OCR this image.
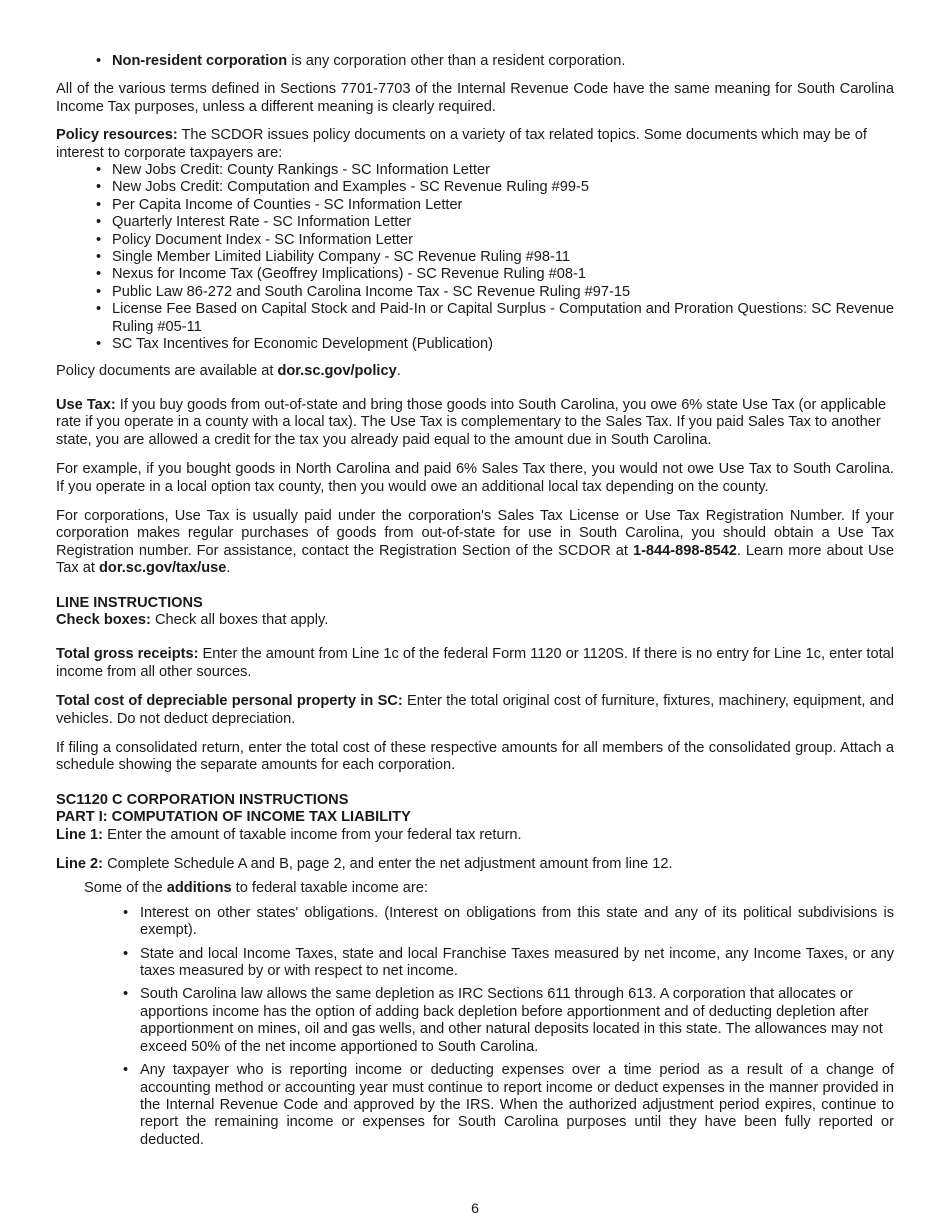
• Non-resident corporation is any corporation other than a resident corporation.

All of the various terms defined in Sections 7701-7703 of the Internal Revenue Code have the same meaning for South Carolina Income Tax purposes, unless a different meaning is clearly required.

Policy resources: The SCDOR issues policy documents on a variety of tax related topics. Some documents which may be of interest to corporate taxpayers are:

• New Jobs Credit: County Rankings - SC Information Letter
• New Jobs Credit: Computation and Examples - SC Revenue Ruling #99-5
• Per Capita Income of Counties - SC Information Letter
• Quarterly Interest Rate - SC Information Letter
• Policy Document Index - SC Information Letter
• Single Member Limited Liability Company - SC Revenue Ruling #98-11
• Nexus for Income Tax (Geoffrey Implications) - SC Revenue Ruling #08-1
• Public Law 86-272 and South Carolina Income Tax - SC Revenue Ruling #97-15
• License Fee Based on Capital Stock and Paid-In or Capital Surplus - Computation and Proration Questions: SC Revenue Ruling #05-11
• SC Tax Incentives for Economic Development (Publication)

Policy documents are available at dor.sc.gov/policy.

Use Tax: If you buy goods from out-of-state and bring those goods into South Carolina, you owe 6% state Use Tax (or applicable rate if you operate in a county with a local tax). The Use Tax is complementary to the Sales Tax. If you paid Sales Tax to another state, you are allowed a credit for the tax you already paid equal to the amount due in South Carolina.

For example, if you bought goods in North Carolina and paid 6% Sales Tax there, you would not owe Use Tax to South Carolina. If you operate in a local option tax county, then you would owe an additional local tax depending on the county.

For corporations, Use Tax is usually paid under the corporation's Sales Tax License or Use Tax Registration Number. If your corporation makes regular purchases of goods from out-of-state for use in South Carolina, you should obtain a Use Tax Registration number. For assistance, contact the Registration Section of the SCDOR at 1-844-898-8542. Learn more about Use Tax at dor.sc.gov/tax/use.

LINE INSTRUCTIONS

Check boxes: Check all boxes that apply.

Total gross receipts: Enter the amount from Line 1c of the federal Form 1120 or 1120S. If there is no entry for Line 1c, enter total income from all other sources.

Total cost of depreciable personal property in SC: Enter the total original cost of furniture, fixtures, machinery, equipment, and vehicles. Do not deduct depreciation.

If filing a consolidated return, enter the total cost of these respective amounts for all members of the consolidated group. Attach a schedule showing the separate amounts for each corporation.

SC1120 C CORPORATION INSTRUCTIONS

PART I: COMPUTATION OF INCOME TAX LIABILITY

Line 1: Enter the amount of taxable income from your federal tax return.

Line 2: Complete Schedule A and B, page 2, and enter the net adjustment amount from line 12.

Some of the additions to federal taxable income are:

• Interest on other states' obligations. (Interest on obligations from this state and any of its political subdivisions is exempt).
• State and local Income Taxes, state and local Franchise Taxes measured by net income, any Income Taxes, or any taxes measured by or with respect to net income.
• South Carolina law allows the same depletion as IRC Sections 611 through 613. A corporation that allocates or apportions income has the option of adding back depletion before apportionment and of deducting depletion after apportionment on mines, oil and gas wells, and other natural deposits located in this state. The allowances may not exceed 50% of the net income apportioned to South Carolina.
• Any taxpayer who is reporting income or deducting expenses over a time period as a result of a change of accounting method or accounting year must continue to report income or deduct expenses in the manner provided in the Internal Revenue Code and approved by the IRS. When the authorized adjustment period expires, continue to report the remaining income or expenses for South Carolina purposes until they have been fully reported or deducted.
6
